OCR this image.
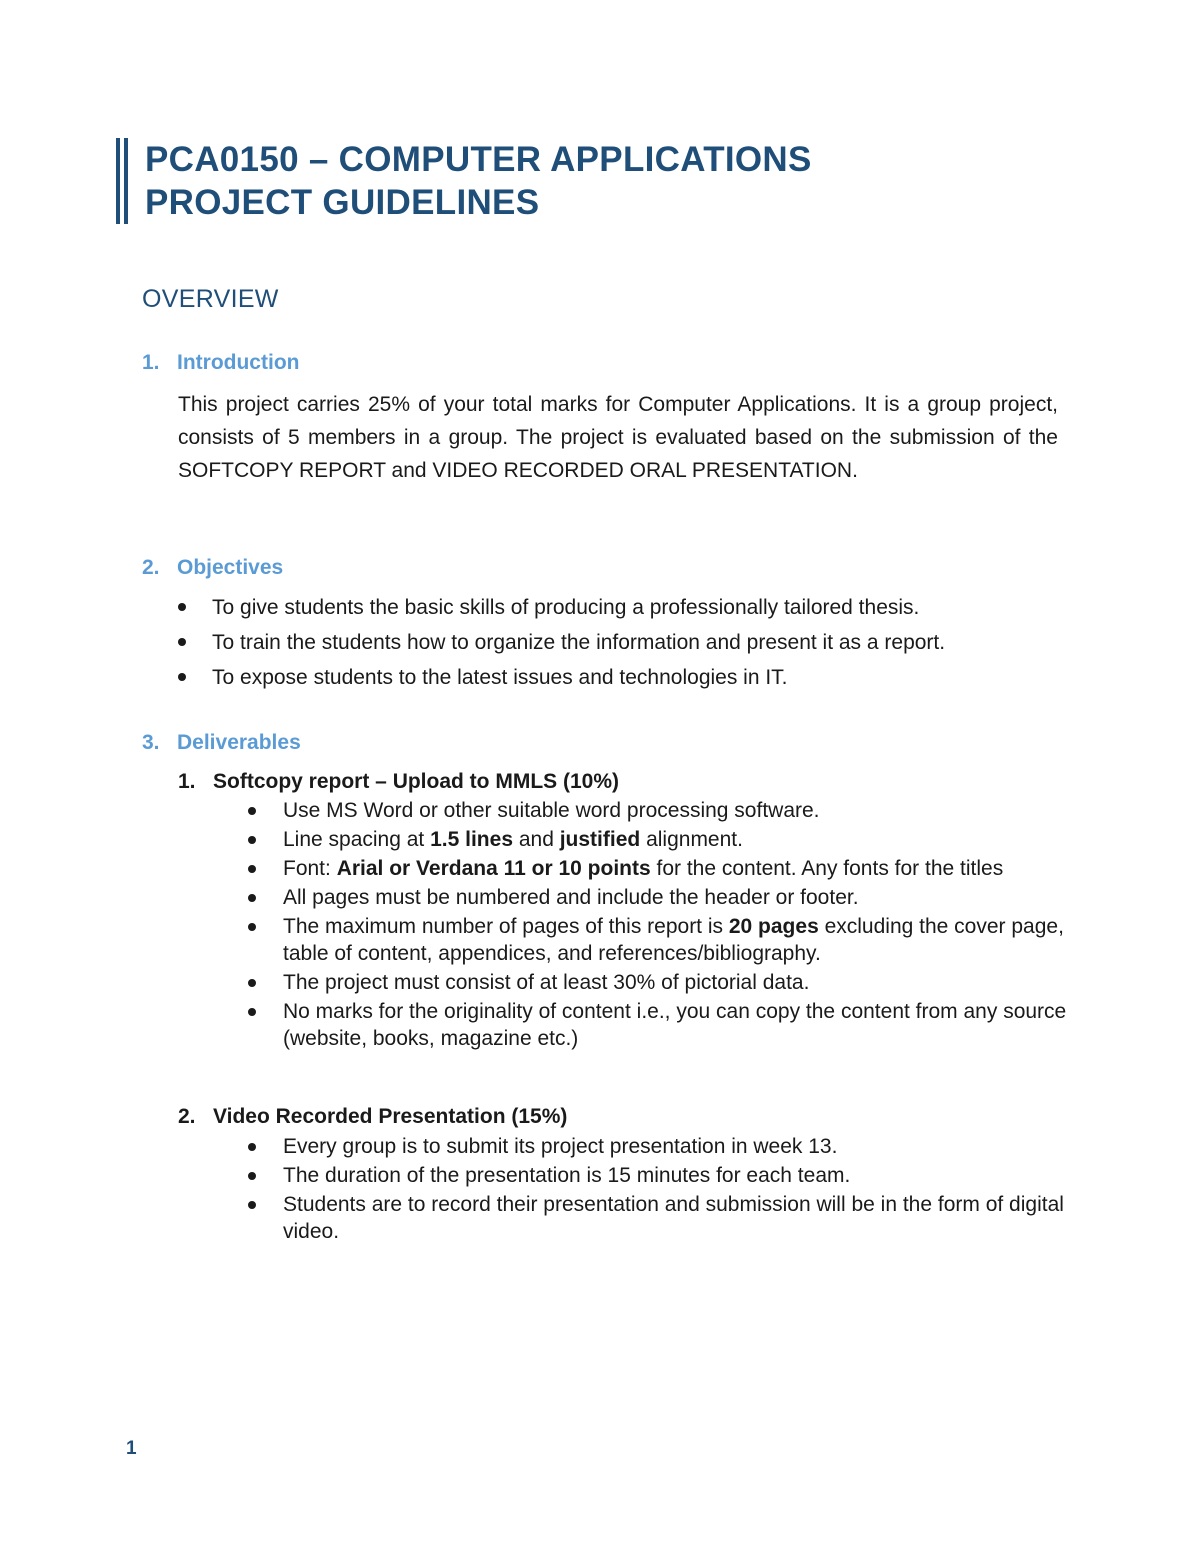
PCA0150 – COMPUTER APPLICATIONS
PROJECT GUIDELINES
OVERVIEW
1. Introduction
This project carries 25% of your total marks for Computer Applications. It is a group project, consists of 5 members in a group. The project is evaluated based on the submission of the SOFTCOPY REPORT and VIDEO RECORDED ORAL PRESENTATION.
2. Objectives
To give students the basic skills of producing a professionally tailored thesis.
To train the students how to organize the information and present it as a report.
To expose students to the latest issues and technologies in IT.
3. Deliverables
1. Softcopy report – Upload to MMLS (10%)
Use MS Word or other suitable word processing software.
Line spacing at 1.5 lines and justified alignment.
Font: Arial or Verdana 11 or 10 points for the content. Any fonts for the titles
All pages must be numbered and include the header or footer.
The maximum number of pages of this report is 20 pages excluding the cover page, table of content, appendices, and references/bibliography.
The project must consist of at least 30% of pictorial data.
No marks for the originality of content i.e., you can copy the content from any source (website, books, magazine etc.)
2. Video Recorded Presentation (15%)
Every group is to submit its project presentation in week 13.
The duration of the presentation is 15 minutes for each team.
Students are to record their presentation and submission will be in the form of digital video.
1
